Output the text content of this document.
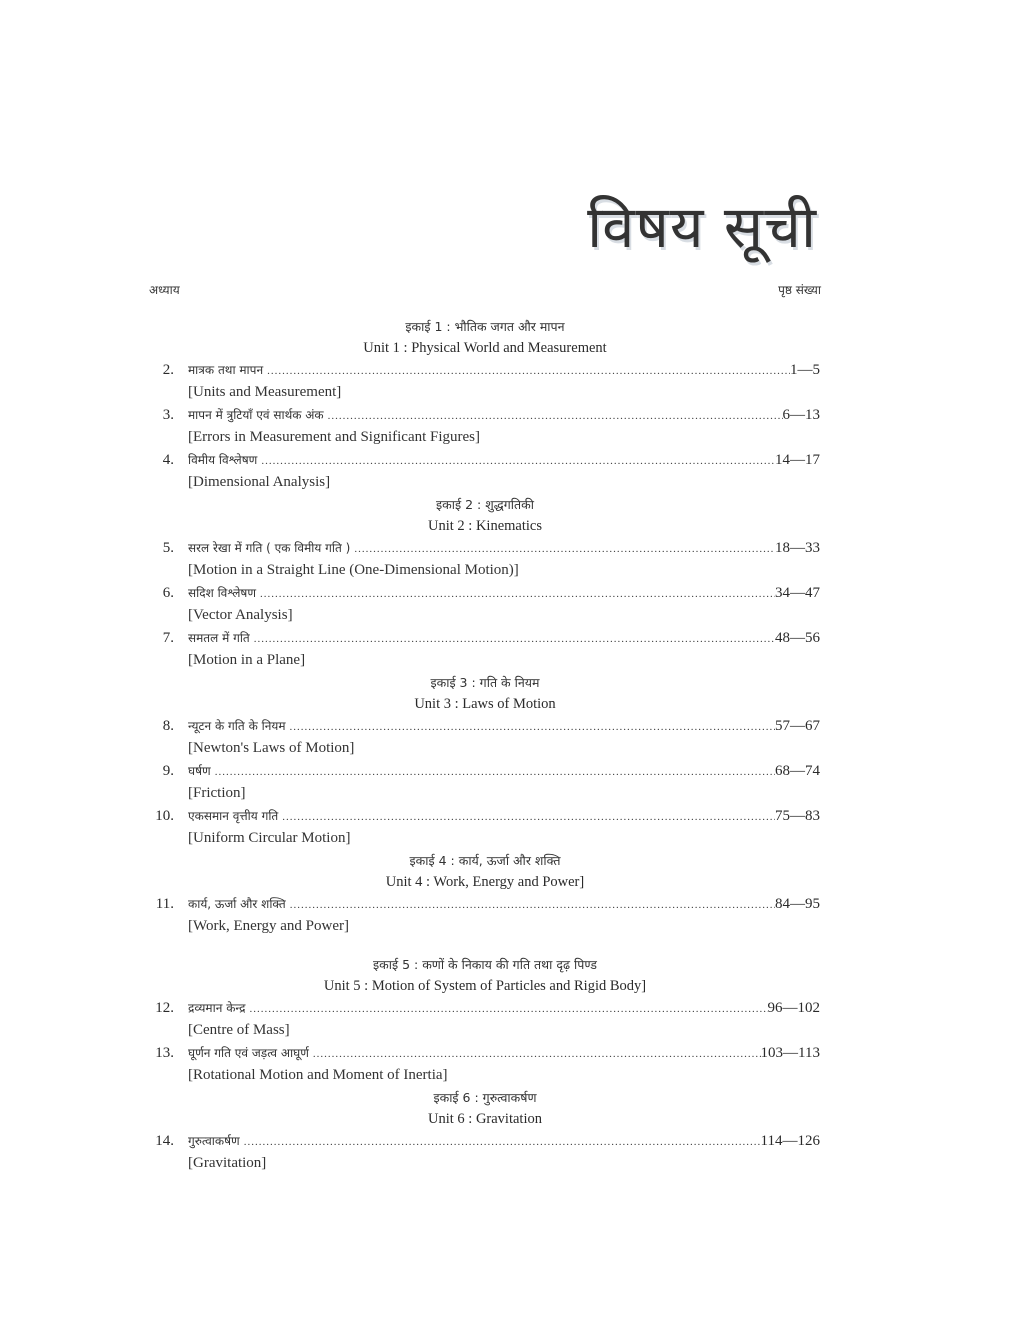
विषय सूची
अध्याय	पृष्ठ संख्या
इकाई 1 : भौतिक जगत और मापन
Unit 1 : Physical World and Measurement
2. मात्रक तथा मापन .....	1—5
[Units and Measurement]
3. मापन में त्रुटियाँ एवं सार्थक अंक .....	6—13
[Errors in Measurement and Significant Figures]
4. विमीय विश्लेषण .....	14—17
[Dimensional Analysis]
इकाई 2 : शुद्धगतिकी
Unit 2 : Kinematics
5. सरल रेखा में गति ( एक विमीय गति ) .....	18—33
[Motion in a Straight Line (One-Dimensional Motion)]
6. सदिश विश्लेषण .....	34—47
[Vector Analysis]
7. समतल में गति .....	48—56
[Motion in a Plane]
इकाई 3 : गति के नियम
Unit 3 : Laws of Motion
8. न्यूटन के गति के नियम .....	57—67
[Newton's Laws of Motion]
9. घर्षण .....	68—74
[Friction]
10. एकसमान वृत्तीय गति .....	75—83
[Uniform Circular Motion]
इकाई 4 : कार्य, ऊर्जा और शक्ति
Unit 4 : Work, Energy and Power]
11. कार्य, ऊर्जा और शक्ति .....	84—95
[Work, Energy and Power]
इकाई 5 : कणों के निकाय की गति तथा दृढ़ पिण्ड
Unit 5 : Motion of System of Particles and Rigid Body]
12. द्रव्यमान केन्द्र .....	96—102
[Centre of Mass]
13. घूर्णन गति एवं जड़त्व आघूर्ण .....	103—113
[Rotational Motion and Moment of Inertia]
इकाई 6 : गुरुत्वाकर्षण
Unit 6 : Gravitation
14. गुरुत्वाकर्षण .....	114—126
[Gravitation]
